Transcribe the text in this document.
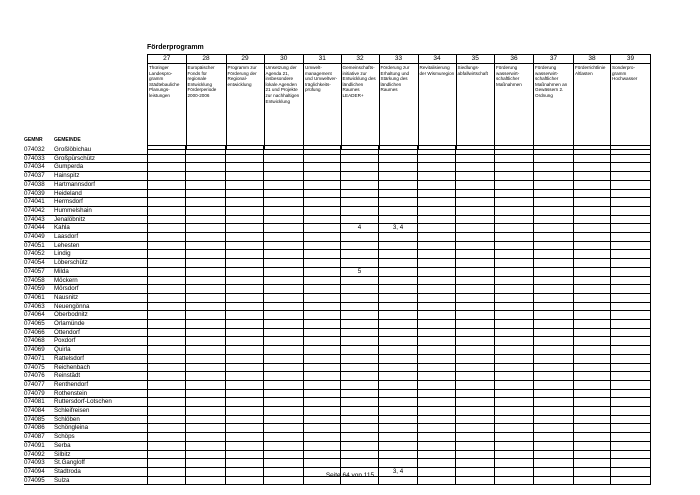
Förderprogramm
GEMNR GEMEINDE
27	28	29	30	31	32	33	34	35	36	37	38	39
Thüringer Landespro-gramm Städtebauliche Planungs-leistungen	Europäischer Fonds für regionale Entwicklung Förderperiode 2000-2006	Programm zur Förderung der Regional-entwicklung	Umsetzung der Agenda 21, insbesondere lokale Agenden 21 und Projekte zur nachhaltigen Entwicklung	Umwelt-management und Umweltver-träglichkeits-prüfung	Gemeinschafts-initiative zur Entwicklung des ländlichen Raumes LEADER+	Förderung zur Erhaltung und Stärkung des ländlichen Raumes	Revitalisierung der Wismuregion	Siedlungs-abfallwirtschaft	Förderung wasserwirt-schaftlicher Maßnahmen	Förderung wasserwirt-schaftlicher Maßnahmen an Gewässern 2. Ordnung	Förderrichtlinie Altlasten	Sonderpro-gramm Hochwasser
074032	Großlöbichau													
074033	Großpürschütz													
074034	Gumperda													
074037	Hainspitz													
074038	Hartmannsdorf													
074039	Heideland													
074041	Hermsdorf													
074042	Hummelshain													
074043	Jenalöbnitz													
074044	Kahla						4	3, 4						
074049	Laasdorf													
074051	Lehesten													
074052	Lindig													
074054	Löberschütz													
074057	Milda						5							
074058	Möckern													
074059	Mörsdorf													
074061	Nausnitz													
074063	Neuengönna													
074064	Oberbodnitz													
074065	Orlamünde													
074066	Ottendorf													
074068	Poxdorf													
074069	Quirla													
074071	Rattelsdorf													
074075	Reichenbach													
074076	Reinstädt													
074077	Renthendorf													
074079	Rothenstein													
074081	Ruttersdorf-Lotschen													
074084	Schleifreisen													
074085	Schlöben													
074086	Schöngleina													
074087	Schöps													
074091	Serba													
074092	Silbitz													
074093	St.Gangloff													
074094	Stadtroda							3, 4						
074095	Sulza													
Seite 64 von 115
